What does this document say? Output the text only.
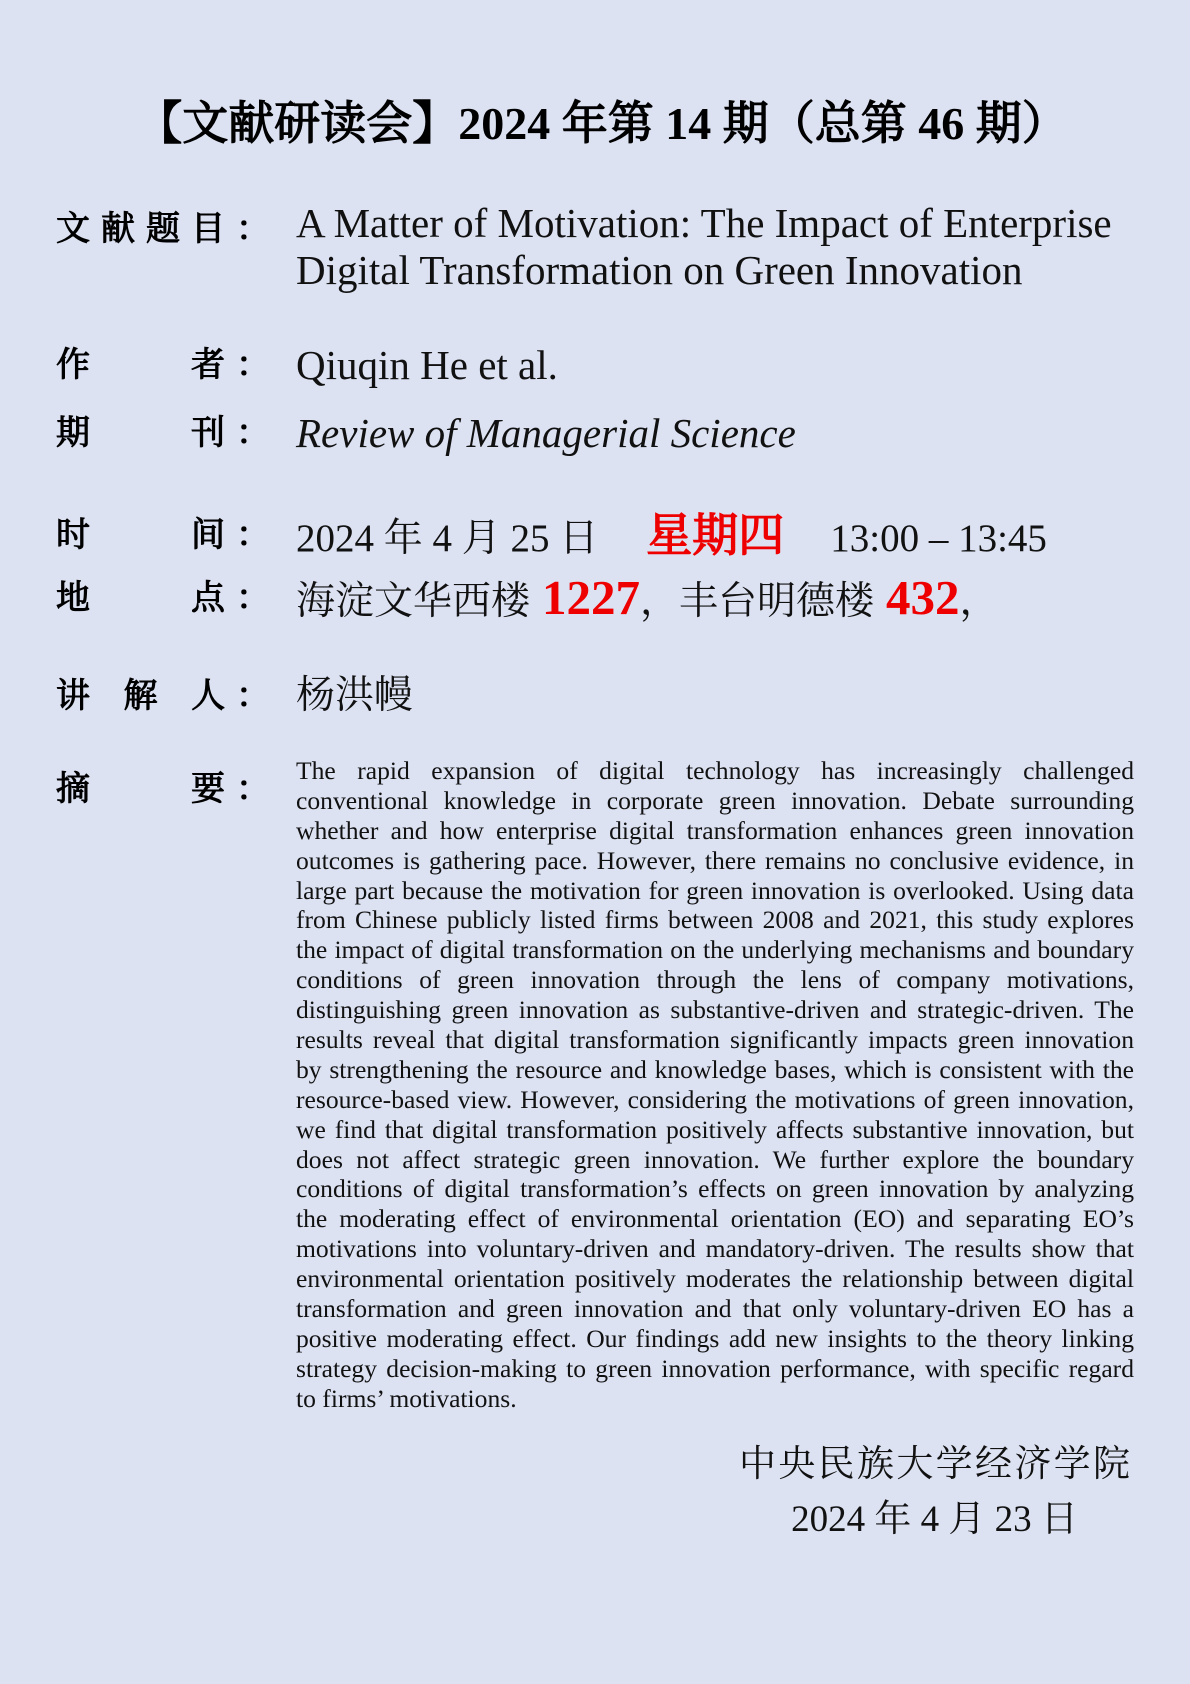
【文献研读会】2024 年第 14 期（总第 46 期）
文献题目： A Matter of Motivation: The Impact of Enterprise Digital Transformation on Green Innovation
作　　者： Qiuqin He et al.
期　　刊： Review of Managerial Science
时　　间： 2024 年 4 月 25 日 星期四 13:00 – 13:45
地　　点： 海淀文华西楼 1227 ，丰台明德楼 432 ，
讲 解 人： 杨洪幔
摘　　要： The rapid expansion of digital technology has increasingly challenged
conventional knowledge in corporate green innovation. Debate surrounding
whether and how enterprise digital transformation enhances green innovation
outcomes is gathering pace. However, there remains no conclusive evidence, in
large part because the motivation for green innovation is overlooked. Using data
from Chinese publicly listed firms between 2008 and 2021, this study explores
the impact of digital transformation on the underlying mechanisms and boundary
conditions of green innovation through the lens of company motivations,
distinguishing green innovation as substantive-driven and strategic-driven. The
results reveal that digital transformation significantly impacts green innovation
by strengthening the resource and knowledge bases, which is consistent with the
resource-based view. However, considering the motivations of green innovation,
we find that digital transformation positively affects substantive innovation, but
does not affect strategic green innovation. We further explore the boundary
conditions of digital transformation’s effects on green innovation by analyzing
the moderating effect of environmental orientation (EO) and separating EO’s
motivations into voluntary-driven and mandatory-driven. The results show that
environmental orientation positively moderates the relationship between digital
transformation and green innovation and that only voluntary-driven EO has a
positive moderating effect. Our findings add new insights to the theory linking
strategy decision-making to green innovation performance, with specific regard
to firms’ motivations.
中央民族大学经济学院
2024 年 4 月 23 日
